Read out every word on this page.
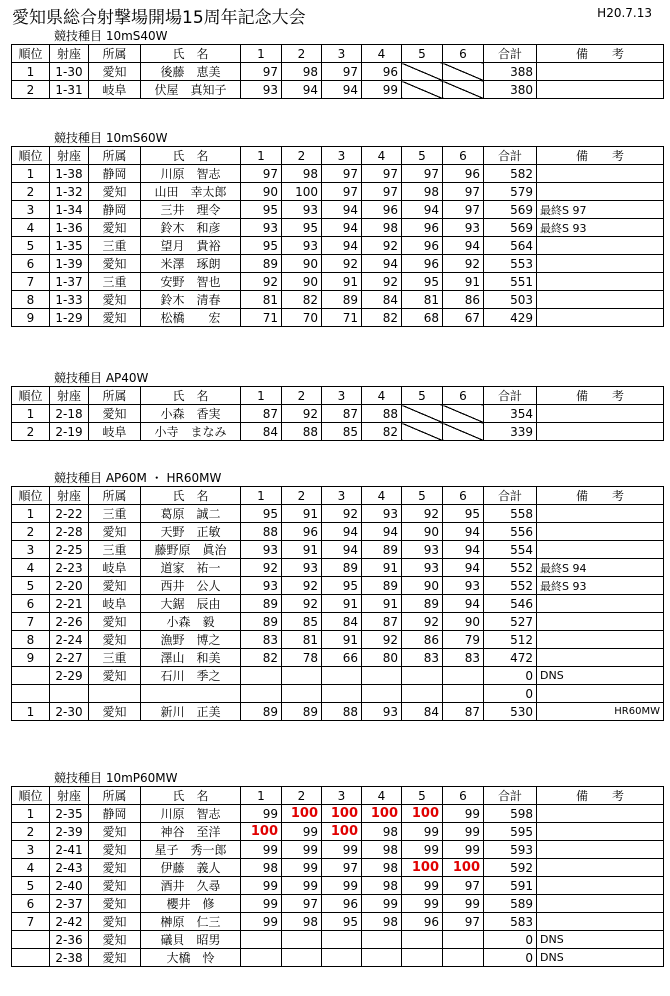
愛知県総合射撃場開場15周年記念大会	H20.7.13
競技種目 10mS40W
順位	射座	所属	氏　名	1	2	3	4	5	6	合計	備　　考
1	1-30	愛知	後藤　恵美	97	98	97	96			388	
2	1-31	岐阜	伏屋　真知子	93	94	94	99			380	
競技種目 10mS60W
順位	射座	所属	氏　名	1	2	3	4	5	6	合計	備　　考
1	1-38	静岡	川原　智志	97	98	97	97	97	96	582	
2	1-32	愛知	山田　幸太郎	90	100	97	97	98	97	579	
3	1-34	静岡	三井　理令	95	93	94	96	94	97	569	最終S 97
4	1-36	愛知	鈴木　和彦	93	95	94	98	96	93	569	最終S 93
5	1-35	三重	望月　貴裕	95	93	94	92	96	94	564	
6	1-39	愛知	米澤　琢朗	89	90	92	94	96	92	553	
7	1-37	三重	安野　智也	92	90	91	92	95	91	551	
8	1-33	愛知	鈴木　清春	81	82	89	84	81	86	503	
9	1-29	愛知	松橋　　宏	71	70	71	82	68	67	429	
競技種目 AP40W
順位	射座	所属	氏　名	1	2	3	4	5	6	合計	備　　考
1	2-18	愛知	小森　香実	87	92	87	88			354	
2	2-19	岐阜	小寺　まなみ	84	88	85	82			339	
競技種目 AP60M ・ HR60MW
順位	射座	所属	氏　名	1	2	3	4	5	6	合計	備　　考
1	2-22	三重	葛原　誠二	95	91	92	93	92	95	558	
2	2-28	愛知	天野　正敏	88	96	94	94	90	94	556	
3	2-25	三重	藤野原　眞治	93	91	94	89	93	94	554	
4	2-23	岐阜	道家　祐一	92	93	89	91	93	94	552	最終S 94
5	2-20	愛知	西井　公人	93	92	95	89	90	93	552	最終S 93
6	2-21	岐阜	大鋸　辰由	89	92	91	91	89	94	546	
7	2-26	愛知	小森　毅	89	85	84	87	92	90	527	
8	2-24	愛知	漁野　博之	83	81	91	92	86	79	512	
9	2-27	三重	澤山　和美	82	78	66	80	83	83	472	
	2-29	愛知	石川　季之							0	DNS
										0	
1	2-30	愛知	新川　正美	89	89	88	93	84	87	530	HR60MW
競技種目 10mP60MW
順位	射座	所属	氏　名	1	2	3	4	5	6	合計	備　　考
1	2-35	静岡	川原　智志	99	100	100	100	100	99	598	
2	2-39	愛知	神谷　至洋	100	99	100	98	99	99	595	
3	2-41	愛知	星子　秀一郎	99	99	99	98	99	99	593	
4	2-43	愛知	伊藤　義人	98	99	97	98	100	100	592	
5	2-40	愛知	酒井　久尋	99	99	99	98	99	97	591	
6	2-37	愛知	櫻井　修	99	97	96	99	99	99	589	
7	2-42	愛知	榊原　仁三	99	98	95	98	96	97	583	
	2-36	愛知	礒貝　昭男							0	DNS
	2-38	愛知	大橋　怜							0	DNS
